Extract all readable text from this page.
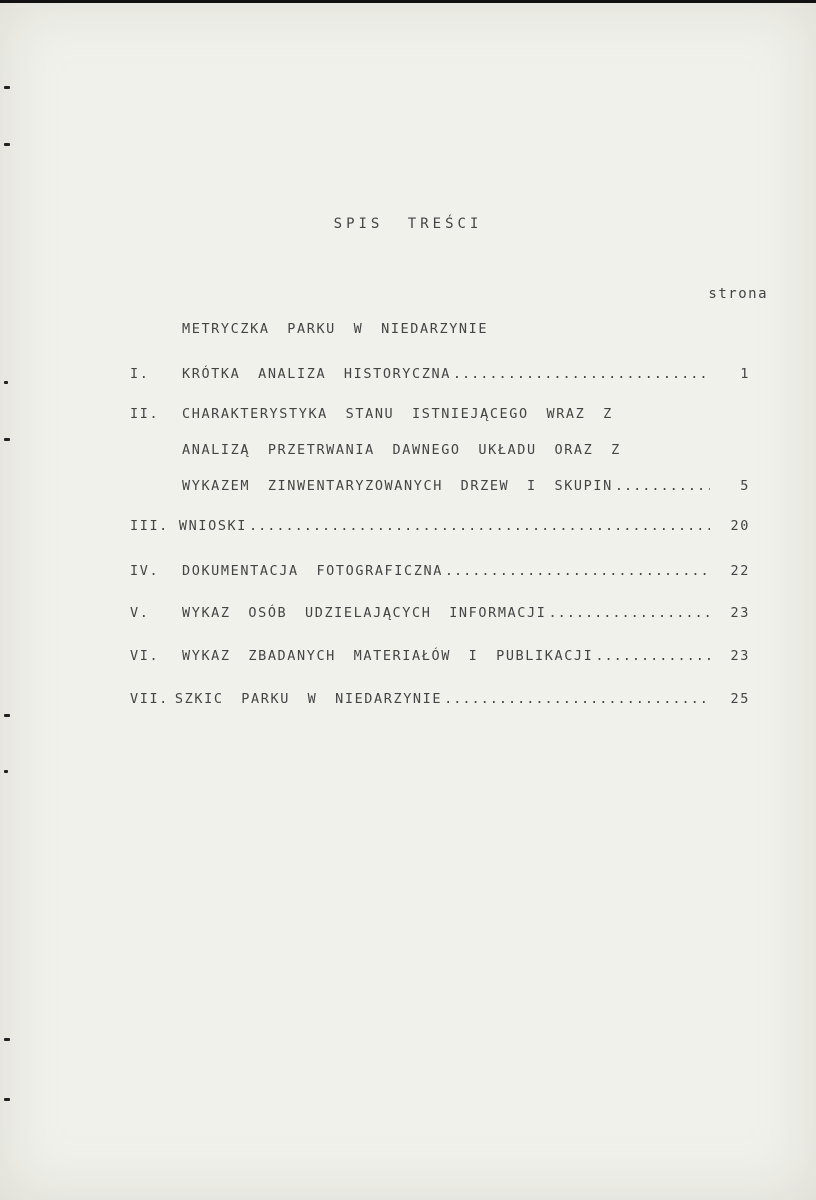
SPIS TREŚCI
strona
METRYCZKA PARKU W NIEDARZYNIE
I. KRÓTKA ANALIZA HISTORYCZNA .....	1
II. CHARAKTERYSTYKA STANU ISTNIEJĄCEGO WRAZ Z
ANALIZĄ PRZETRWANIA DAWNEGO UKŁADU ORAZ Z
WYKAZEM ZINWENTARYZOWANYCH DRZEW I SKUPIN .....	5
III. WNIOSKI .....	20
IV. DOKUMENTACJA FOTOGRAFICZNA .....	22
V. WYKAZ OSÓB UDZIELAJĄCYCH INFORMACJI .....	23
VI. WYKAZ ZBADANYCH MATERIAŁÓW I PUBLIKACJI .....	23
VII. SZKIC PARKU W NIEDARZYNIE .....	25
